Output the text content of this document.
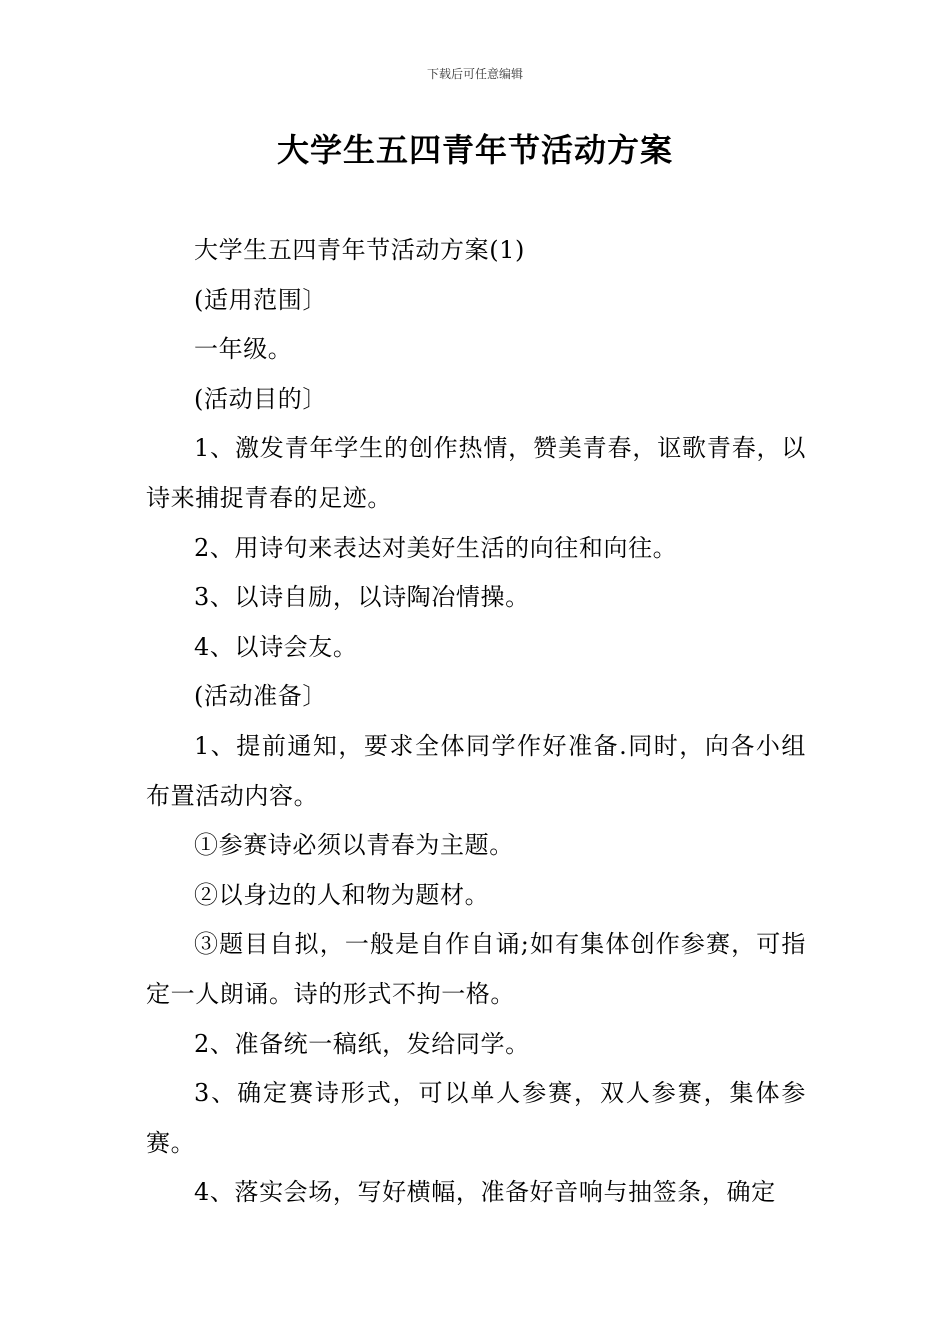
下载后可任意编辑
大学生五四青年节活动方案

大学生五四青年节活动方案(1)

(适用范围〕

一年级。

(活动目的〕

1、激发青年学生的创作热情，赞美青春，讴歌青春，以诗来捕捉青春的足迹。

2、用诗句来表达对美好生活的向往和向往。

3、以诗自励，以诗陶冶情操。

4、以诗会友。

(活动准备〕

1、提前通知，要求全体同学作好准备.同时，向各小组布置活动内容。

①参赛诗必须以青春为主题。

②以身边的人和物为题材。

③题目自拟，一般是自作自诵;如有集体创作参赛，可指定一人朗诵。诗的形式不拘一格。

2、准备统一稿纸，发给同学。

3、确定赛诗形式，可以单人参赛，双人参赛，集体参赛。

4、落实会场，写好横幅，准备好音响与抽签条，确定
